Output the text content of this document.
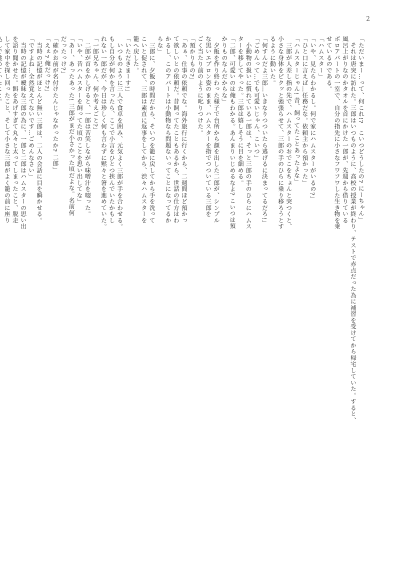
2
「ただいまー…って、何これ!?　こいつどうしたの? にーちゃん」
　それは唐突に訪れた。三郎はいつものように、高校の授業が終わり、テストで赤点だった為に補習を受けてから帰宅していた。すると、
風呂上がりなのかタオルを首にかけた一郎が、先週から借りている
ボロアパートの一室で、自分の指先に小さなフワフワした生き物を乗
せているのである。
「ハムスター」
「いや、見たらわかるし。何で家にハムスターがいるの?」
「ひと口に言えば…任務だな。依頼主から預かった」
「ハムスターじゃん! 昔、飼ってたことあったよな」
　三郎が人差し指の先で、ハムスターのおでこをちょんと突つくと、
小さな身体をピクッと強張らせて、三郎の手のひらに乗り移ろうとす
るように動いた。
「何すんだよ三郎…いきなりつついたら逃げるに決まってるだろ!」
「ごめんって…でも可愛いじゃん、こいつ」
　小動物の扱いに慣れている一郎は、そっと三郎の手のひらにハムス
ターを移してやった。三郎は嬉しそうに目を細める。
「二郎、可愛いのは俺もわかる。あんまりいじめるなよ? こいつは預
かりものなんだからな」
　夕飯を作り終わった様子で台所から顔を出した二郎が、シンプル
な黒いエプロン姿のまま、ハムスターを指でつついている三郎を
ごく当たり前のように叱りつけた。
「預かりもの?」
「あぁ、仕事の依頼でな。海外旅行に行くから、二週間ほど預かっ
て欲しいとの依頼だ。昔飼ってたこともあるから、世話の仕方はわ
かるし、このアパートは小動物なら問題ないってことになってるか
らな」
　三郎に、夕飯の時間だから、そいつを籠に戻してから手を洗って
こいと促されて、三郎は素直に返事をしてから、渋々ハムスターを
籠へ戻した。
「いただきまーす!」
　いつものように三人で食卓を囲み、元気よく三郎が手を合わせる。
もし自分が何かを言ったら、ここで小言をひとつ挟んでいたかもし
れない一郎だが、今日は珍しく何も言わずに黙々と箸を進めていた。
「一郎兄ちゃん、何か考えごと?」
　二郎が首をかしげると、一郎は苦笑しながら味噌汁を啜った。
「いや、昔ハムスターを飼ってた頃のことを思い出してな」
「あー、あったあった! 三郎がまだ小さかった頃だよな。名前何
だったっけ?」
「確かお前が名付けたんじゃなかったか? 二郎」
「えぇ? 俺だっけ?」
　当時の記憶がほとんど無い三郎は、二人の会話に目を瞬かせる。
「ですよね…全然覚えてないです…ごめんなさい」
　当時の記憶が曖昧な三郎の為に、一郎と二郎はハムスターの思い出
を語り聞かせた。餌をあげすぎて丸々と太ってしまったこと、脱走
して家中を探し回ったこと、そして小さな三郎がよく籠の前に座り
